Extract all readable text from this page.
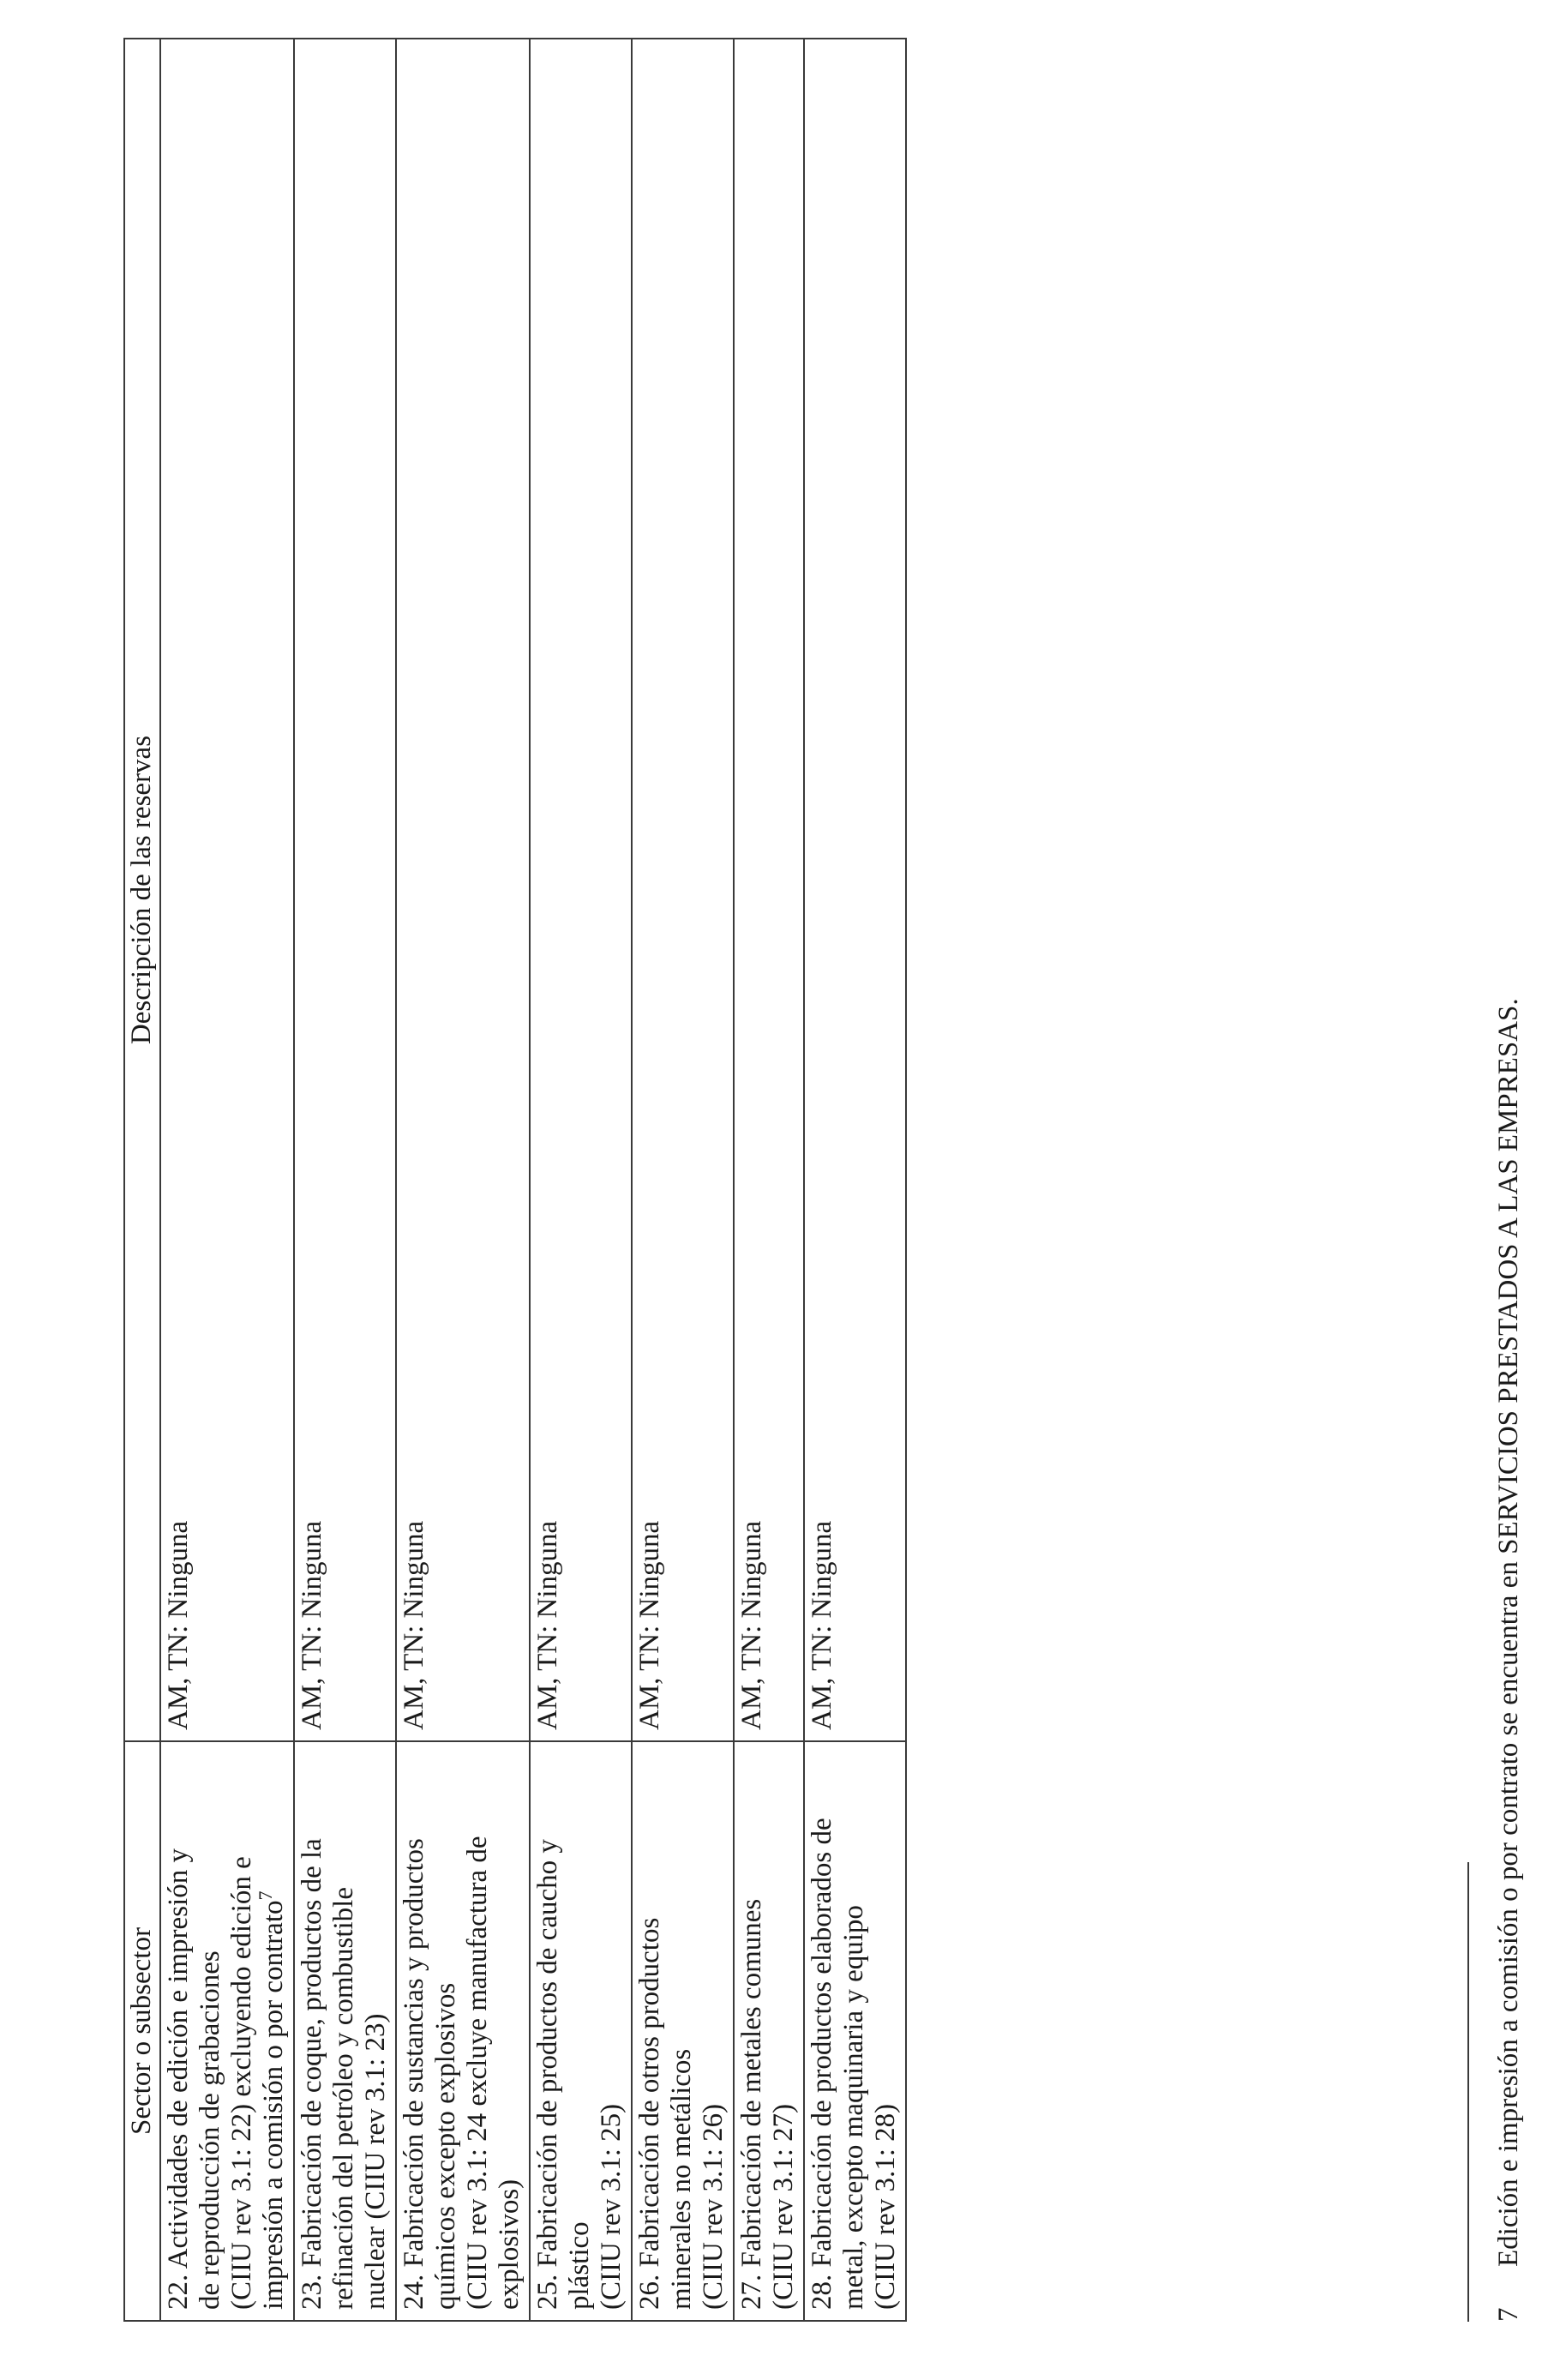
Sector o subsector	Descripción de las reservas

22. Actividades de edición e impresión y de reproducción de grabaciones (CIIU rev 3.1: 22) excluyendo edición e impresión a comisión o por contrato$^7$	AM, TN: Ninguna

23. Fabricación de coque, productos de la refinación del petróleo y combustible nuclear (CIIU rev 3.1: 23)	AM, TN: Ninguna

24. Fabricación de sustancias y productos químicos excepto explosivos (CIIU rev 3.1: 24 excluye manufactura de explosivos)	AM, TN: Ninguna

25. Fabricación de productos de caucho y plástico (CIIU rev 3.1: 25)	AM, TN: Ninguna

26. Fabricación de otros productos minerales no metálicos (CIIU rev 3.1: 26)	AM, TN: Ninguna

27. Fabricación de metales comunes (CIIU rev 3.1: 27)	AM, TN: Ninguna

28. Fabricación de productos elaborados de metal, excepto maquinaria y equipo (CIIU rev 3.1: 28)	AM, TN: Ninguna
7Edición e impresión a comisión o por contrato se encuentra en SERVICIOS PRESTADOS A LAS EMPRESAS.
